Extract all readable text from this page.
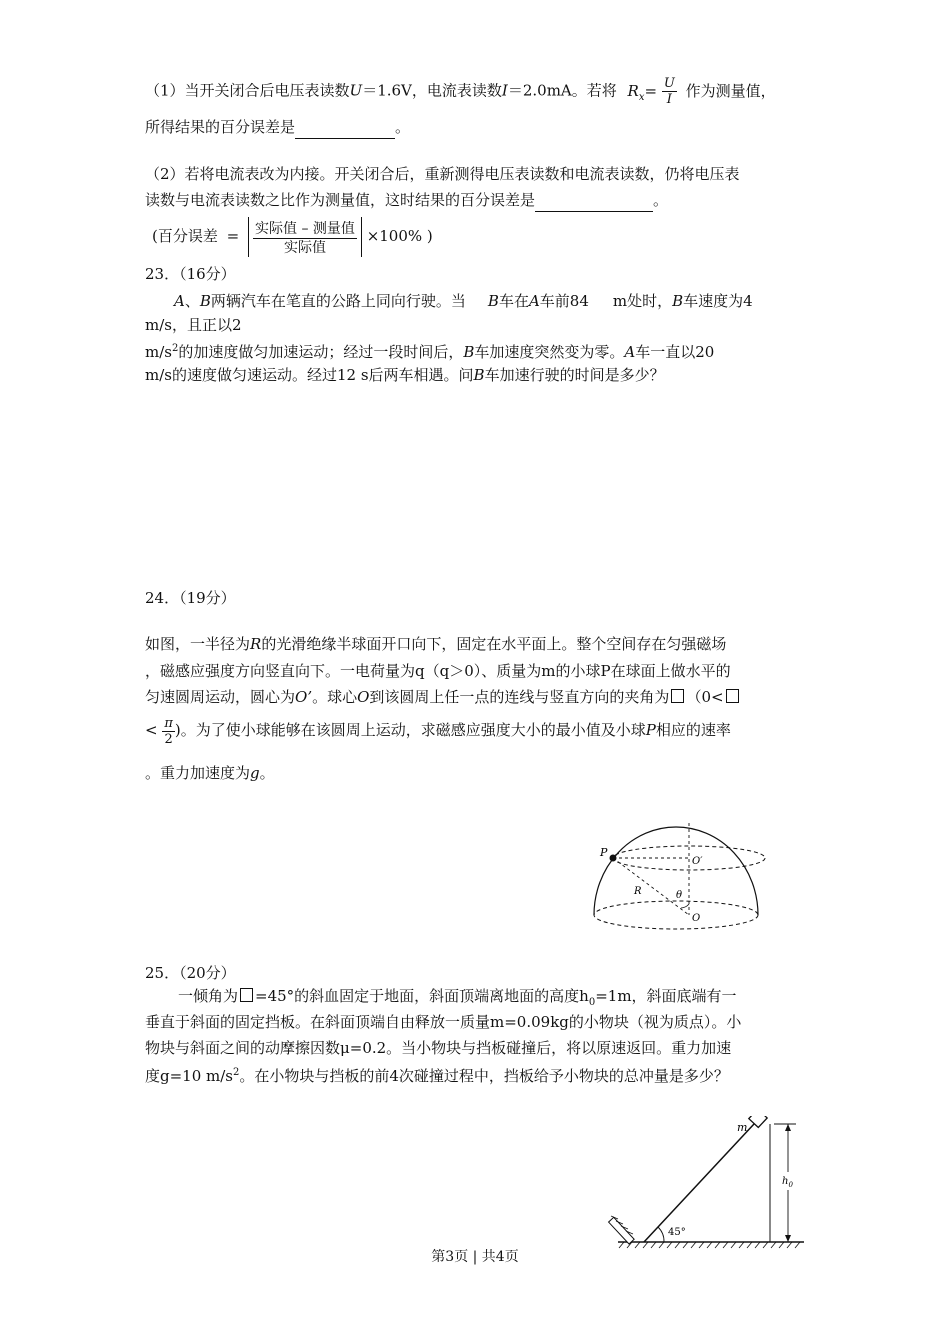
（1）当开关闭合后电压表读数U＝1.6V，电流表读数I＝2.0mA。若将 $R_x= \frac{U}{I}$ 作为测量值，
所得结果的百分误差是	。
（2）若将电流表改为内接。开关闭合后，重新测得电压表读数和电流表读数，仍将电压表
读数与电流表读数之比作为测量值，这时结果的百分误差是	。
(百分误差 = $\frac{\text{实际值 – 测量值}}{\text{实际值}} \times 100\%$ )
23．（16分）
A、B两辆汽车在笔直的公路上同向行驶。当 B车在A车前84 m处时，B车速度为4
m/s，且正以2
$m/s^2$的加速度做匀加速运动；经过一段时间后，B车加速度突然变为零。A车一直以20
m/s的速度做匀速运动。经过12 s后两车相遇。问B车加速行驶的时间是多少？
24．（19分）
如图，一半径为R的光滑绝缘半球面开口向下，固定在水平面上。整个空间存在匀强磁场
，磁感应强度方向竖直向下。一电荷量为q（q＞0）、质量为m的小球P在球面上做水平的
匀速圆周运动，圆心为O’。球心O到该圆周上任一点的连线与竖直方向的夹角为 （0<
< $\frac{\pi}{2}$ )。为了使小球能够在该圆周上运动，求磁感应强度大小的最小值及小球P相应的速率
。重力加速度为g。
P
O′
R	θ
O
25．（20分）
一倾角为 =45°的斜血固定于地面，斜面顶端离地面的高度$h_0=1m$，斜面底端有一
垂直于斜面的固定挡板。在斜面顶端自由释放一质量m=0.09kg的小物块（视为质点）。小
物块与斜面之间的动摩擦因数μ=0.2。当小物块与挡板碰撞后，将以原速返回。重力加速
度g=10 $m/s^2$。在小物块与挡板的前4次碰撞过程中，挡板给予小物块的总冲量是多少？
m
$h_0$
45°
第3页 | 共4页
